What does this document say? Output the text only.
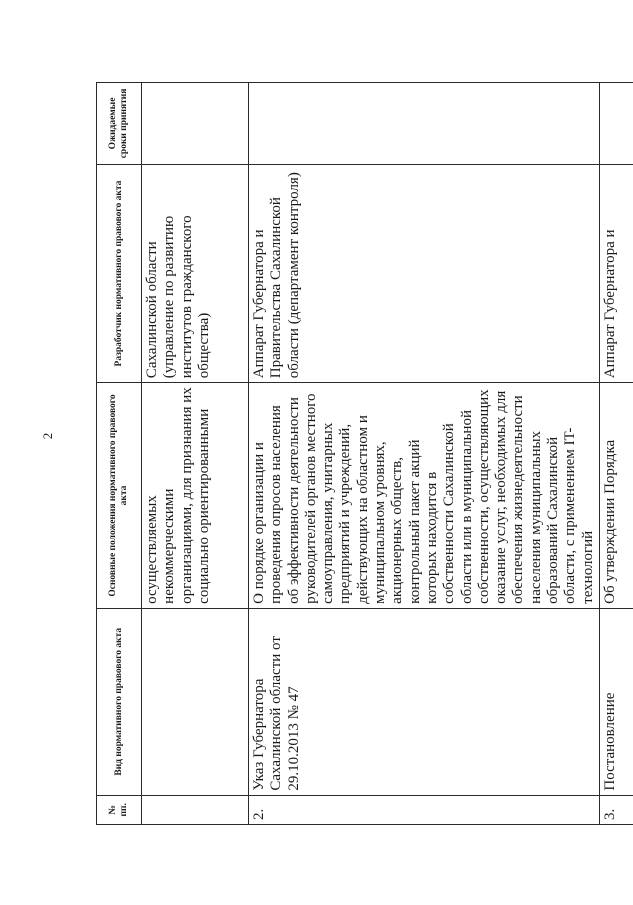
2
№ пп.	Вид нормативного правового акта	Основные положения нормативного правового акта	Разработчик нормативного правового акта	Ожидаемые сроки принятия
		осуществляемых некоммерческими организациями, для признания их социально ориентированными	Сахалинской области (управление по развитию институтов гражданского общества)	
2.	Указ Губернатора Сахалинской области от 29.10.2013 № 47	О порядке организации и проведения опросов населения об эффективности деятельности руководителей органов местного самоуправления, унитарных предприятий и учреждений, действующих на областном и муниципальном уровнях, акционерных обществ, контрольный пакет акций которых находится в собственности Сахалинской области или в муниципальной собственности, осуществляющих оказание услуг, необходимых для обеспечения жизнедеятельности населения муниципальных образований Сахалинской области, с применением IT-технологий	Аппарат Губернатора и Правительства Сахалинской области (департамент контроля)	
3.	Постановление	Об утверждении Порядка	Аппарат Губернатора и	
